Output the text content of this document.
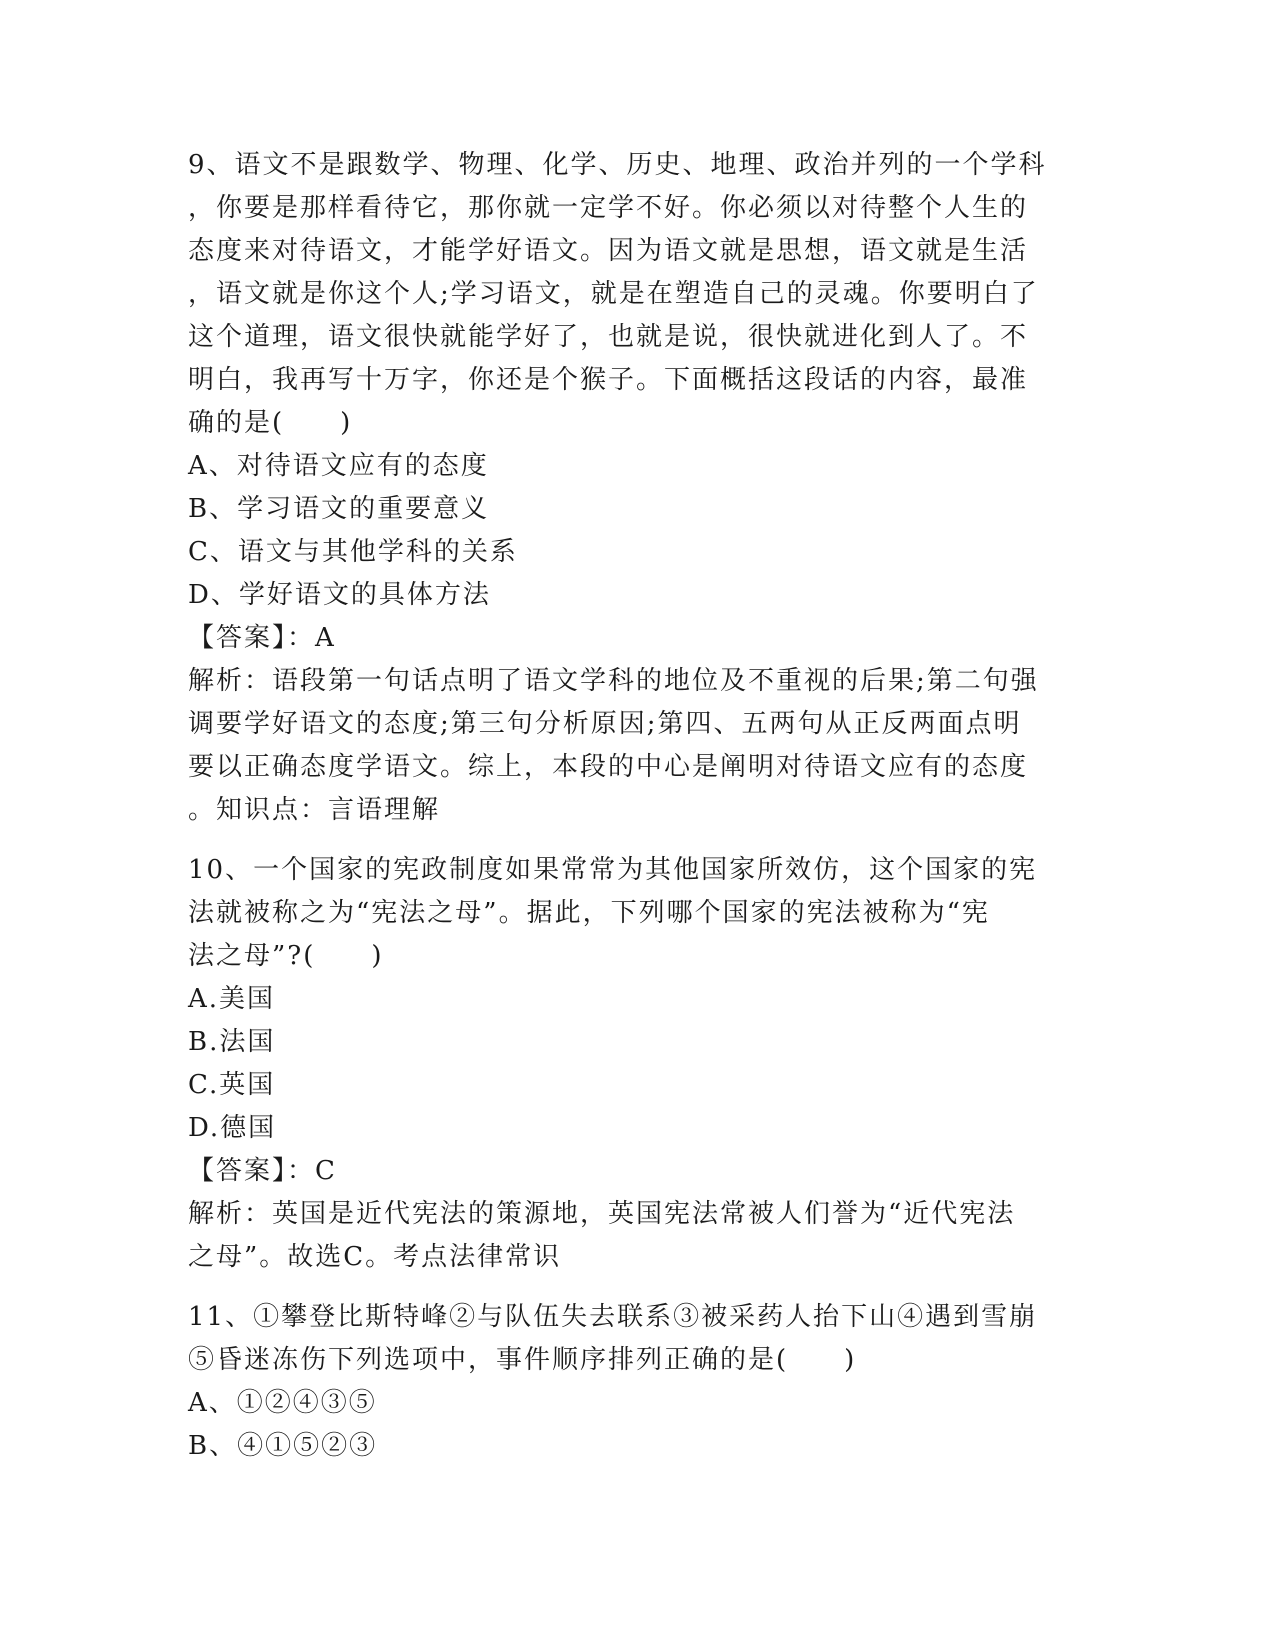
9、语文不是跟数学、物理、化学、历史、地理、政治并列的一个学科
，你要是那样看待它，那你就一定学不好。你必须以对待整个人生的
态度来对待语文，才能学好语文。因为语文就是思想，语文就是生活
，语文就是你这个人;学习语文，就是在塑造自己的灵魂。你要明白了
这个道理，语文很快就能学好了，也就是说，很快就进化到人了。不
明白，我再写十万字，你还是个猴子。下面概括这段话的内容，最准
确的是(　　)
A、对待语文应有的态度
B、学习语文的重要意义
C、语文与其他学科的关系
D、学好语文的具体方法
【答案】：A
解析：语段第一句话点明了语文学科的地位及不重视的后果;第二句强
调要学好语文的态度;第三句分析原因;第四、五两句从正反两面点明
要以正确态度学语文。综上，本段的中心是阐明对待语文应有的态度
。知识点：言语理解
10、一个国家的宪政制度如果常常为其他国家所效仿，这个国家的宪
法就被称之为“宪法之母”。据此，下列哪个国家的宪法被称为“宪
法之母”?(　　)
A.美国
B.法国
C.英国
D.德国
【答案】：C
解析：英国是近代宪法的策源地，英国宪法常被人们誉为“近代宪法
之母”。故选C。考点法律常识
11、①攀登比斯特峰②与队伍失去联系③被采药人抬下山④遇到雪崩
⑤昏迷冻伤下列选项中，事件顺序排列正确的是(　　)
A、①②④③⑤
B、④①⑤②③
